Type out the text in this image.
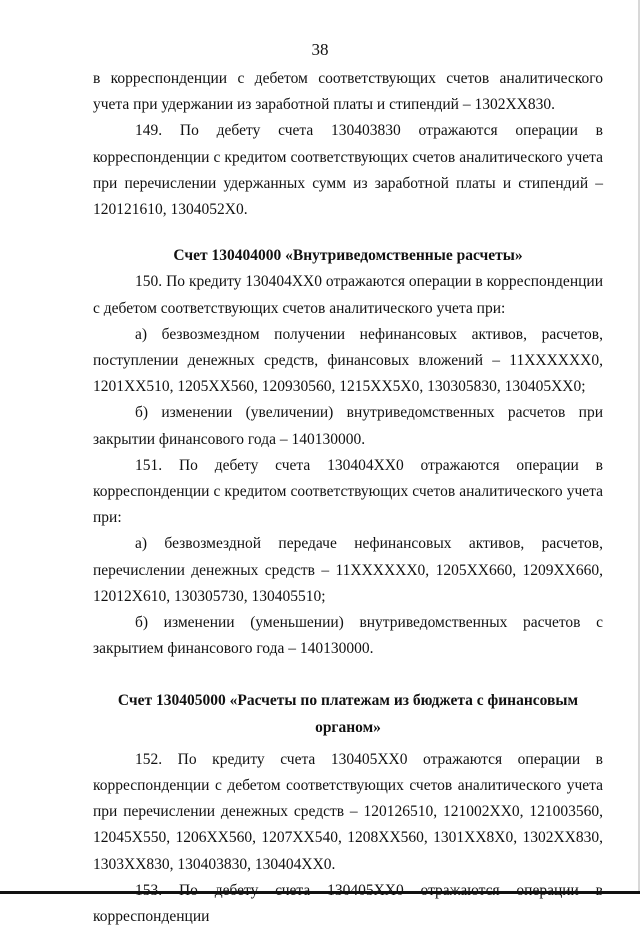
38

в корреспонденции с дебетом соответствующих счетов аналитического учета при удержании из заработной платы и стипендий – 1302ХХ830.

149. По дебету счета 130403830 отражаются операции в корреспонденции с кредитом соответствующих счетов аналитического учета при перечислении удержанных сумм из заработной платы и стипендий – 120121610, 1304052Х0.

Счет 130404000 «Внутриведомственные расчеты»

150. По кредиту 130404ХХ0 отражаются операции в корреспонденции с дебетом соответствующих счетов аналитического учета при:

а) безвозмездном получении нефинансовых активов, расчетов, поступлении денежных средств, финансовых вложений – 11ХХХХХХ0, 1201ХХ510, 1205ХХ560, 120930560, 1215ХХ5Х0, 130305830, 130405ХХ0;

б) изменении (увеличении) внутриведомственных расчетов при закрытии финансового года – 140130000.

151. По дебету счета 130404ХХ0 отражаются операции в корреспонденции с кредитом соответствующих счетов аналитического учета при:

а) безвозмездной передаче нефинансовых активов, расчетов, перечислении денежных средств – 11ХХХХХХ0, 1205ХХ660, 1209ХХ660, 12012Х610, 130305730, 130405510;

б) изменении (уменьшении) внутриведомственных расчетов с закрытием финансового года – 140130000.

Счет 130405000 «Расчеты по платежам из бюджета с финансовым органом»

152. По кредиту счета 130405ХХ0 отражаются операции в корреспонденции с дебетом соответствующих счетов аналитического учета при перечислении денежных средств – 120126510, 121002ХХ0, 121003560, 12045Х550, 1206ХХ560, 1207ХХ540, 1208ХХ560, 1301ХХ8Х0, 1302ХХ830, 1303ХХ830, 130403830, 130404ХХ0.

корреспонденции
